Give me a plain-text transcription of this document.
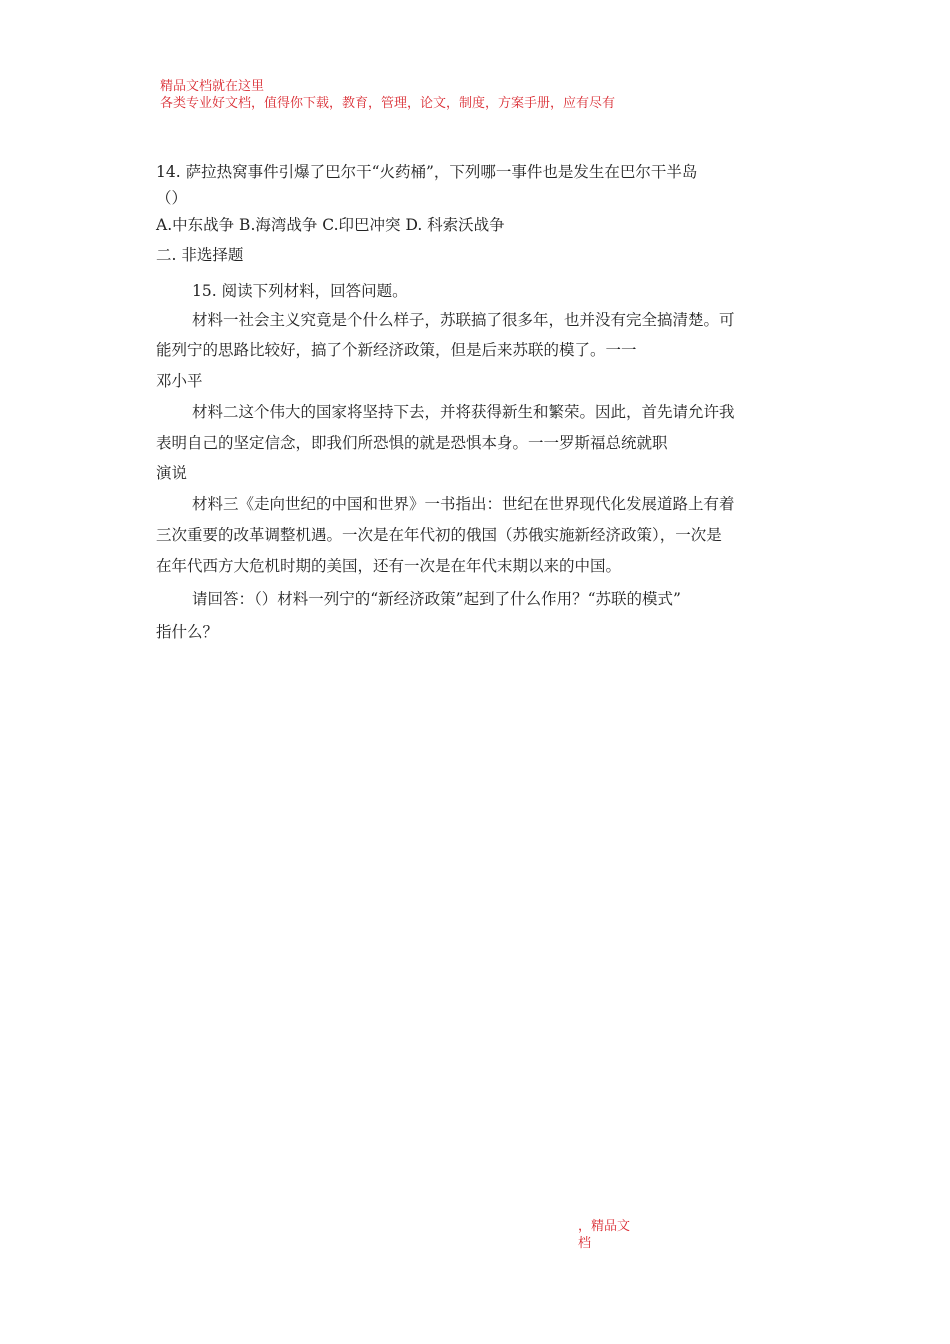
精品文档就在这里
各类专业好文档，值得你下载，教育，管理，论文，制度，方案手册，应有尽有
14. 萨拉热窝事件引爆了巴尔干“火药桶”，下列哪一事件也是发生在巴尔干半岛
（）
A.中东战争 B.海湾战争 C.印巴冲突 D. 科索沃战争
二. 非选择题
15. 阅读下列材料，回答问题。
材料一社会主义究竟是个什么样子，苏联搞了很多年，也并没有完全搞清楚。可
能列宁的思路比较好，搞了个新经济政策，但是后来苏联的模了。一一
邓小平
材料二这个伟大的国家将坚持下去，并将获得新生和繁荣。因此，首先请允许我
表明自己的坚定信念，即我们所恐惧的就是恐惧本身。一一罗斯福总统就职
演说
材料三《走向世纪的中国和世界》一书指出：世纪在世界现代化发展道路上有着
三次重要的改革调整机遇。一次是在年代初的俄国（苏俄实施新经济政策），一次是
在年代西方大危机时期的美国，还有一次是在年代末期以来的中国。
请回答：（）材料一列宁的“新经济政策”起到了什么作用？“苏联的模式”
指什么？
，精品文
档
